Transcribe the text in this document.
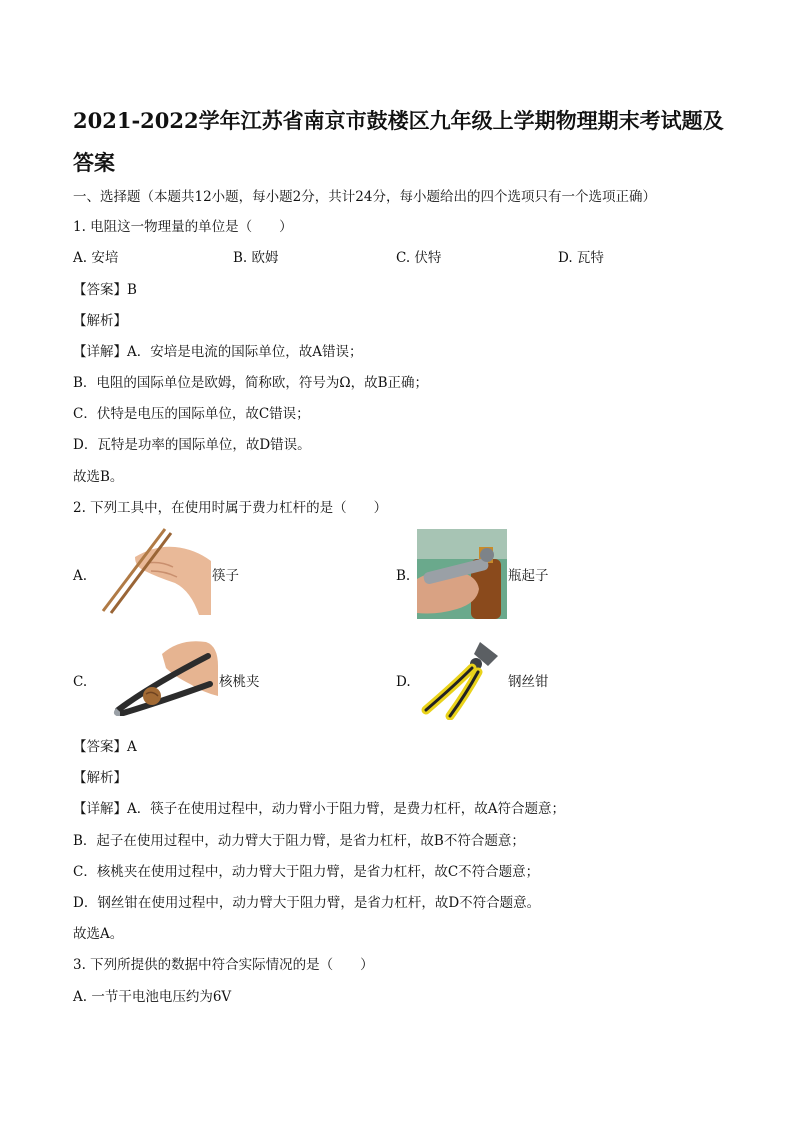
2021-2022学年江苏省南京市鼓楼区九年级上学期物理期末考试题及答案
一、选择题（本题共12小题，每小题2分，共计24分，每小题给出的四个选项只有一个选项正确）
1. 电阻这一物理量的单位是（　　）
A. 安培	B. 欧姆	C. 伏特	D. 瓦特
【答案】B
【解析】
【详解】A．安培是电流的国际单位，故A错误；
B．电阻的国际单位是欧姆，简称欧，符号为Ω，故B正确；
C．伏特是电压的国际单位，故C错误；
D．瓦特是功率的国际单位，故D错误。
故选B。
2. 下列工具中，在使用时属于费力杠杆的是（　　）
A.	筷子	B.	瓶起子
C.	核桃夹	D.	钢丝钳
【答案】A
【解析】
【详解】A．筷子在使用过程中，动力臂小于阻力臂，是费力杠杆，故A符合题意；
B．起子在使用过程中，动力臂大于阻力臂，是省力杠杆，故B不符合题意；
C．核桃夹在使用过程中，动力臂大于阻力臂，是省力杠杆，故C不符合题意；
D．钢丝钳在使用过程中，动力臂大于阻力臂，是省力杠杆，故D不符合题意。
故选A。
3. 下列所提供的数据中符合实际情况的是（　　）
A. 一节干电池电压约为6V
